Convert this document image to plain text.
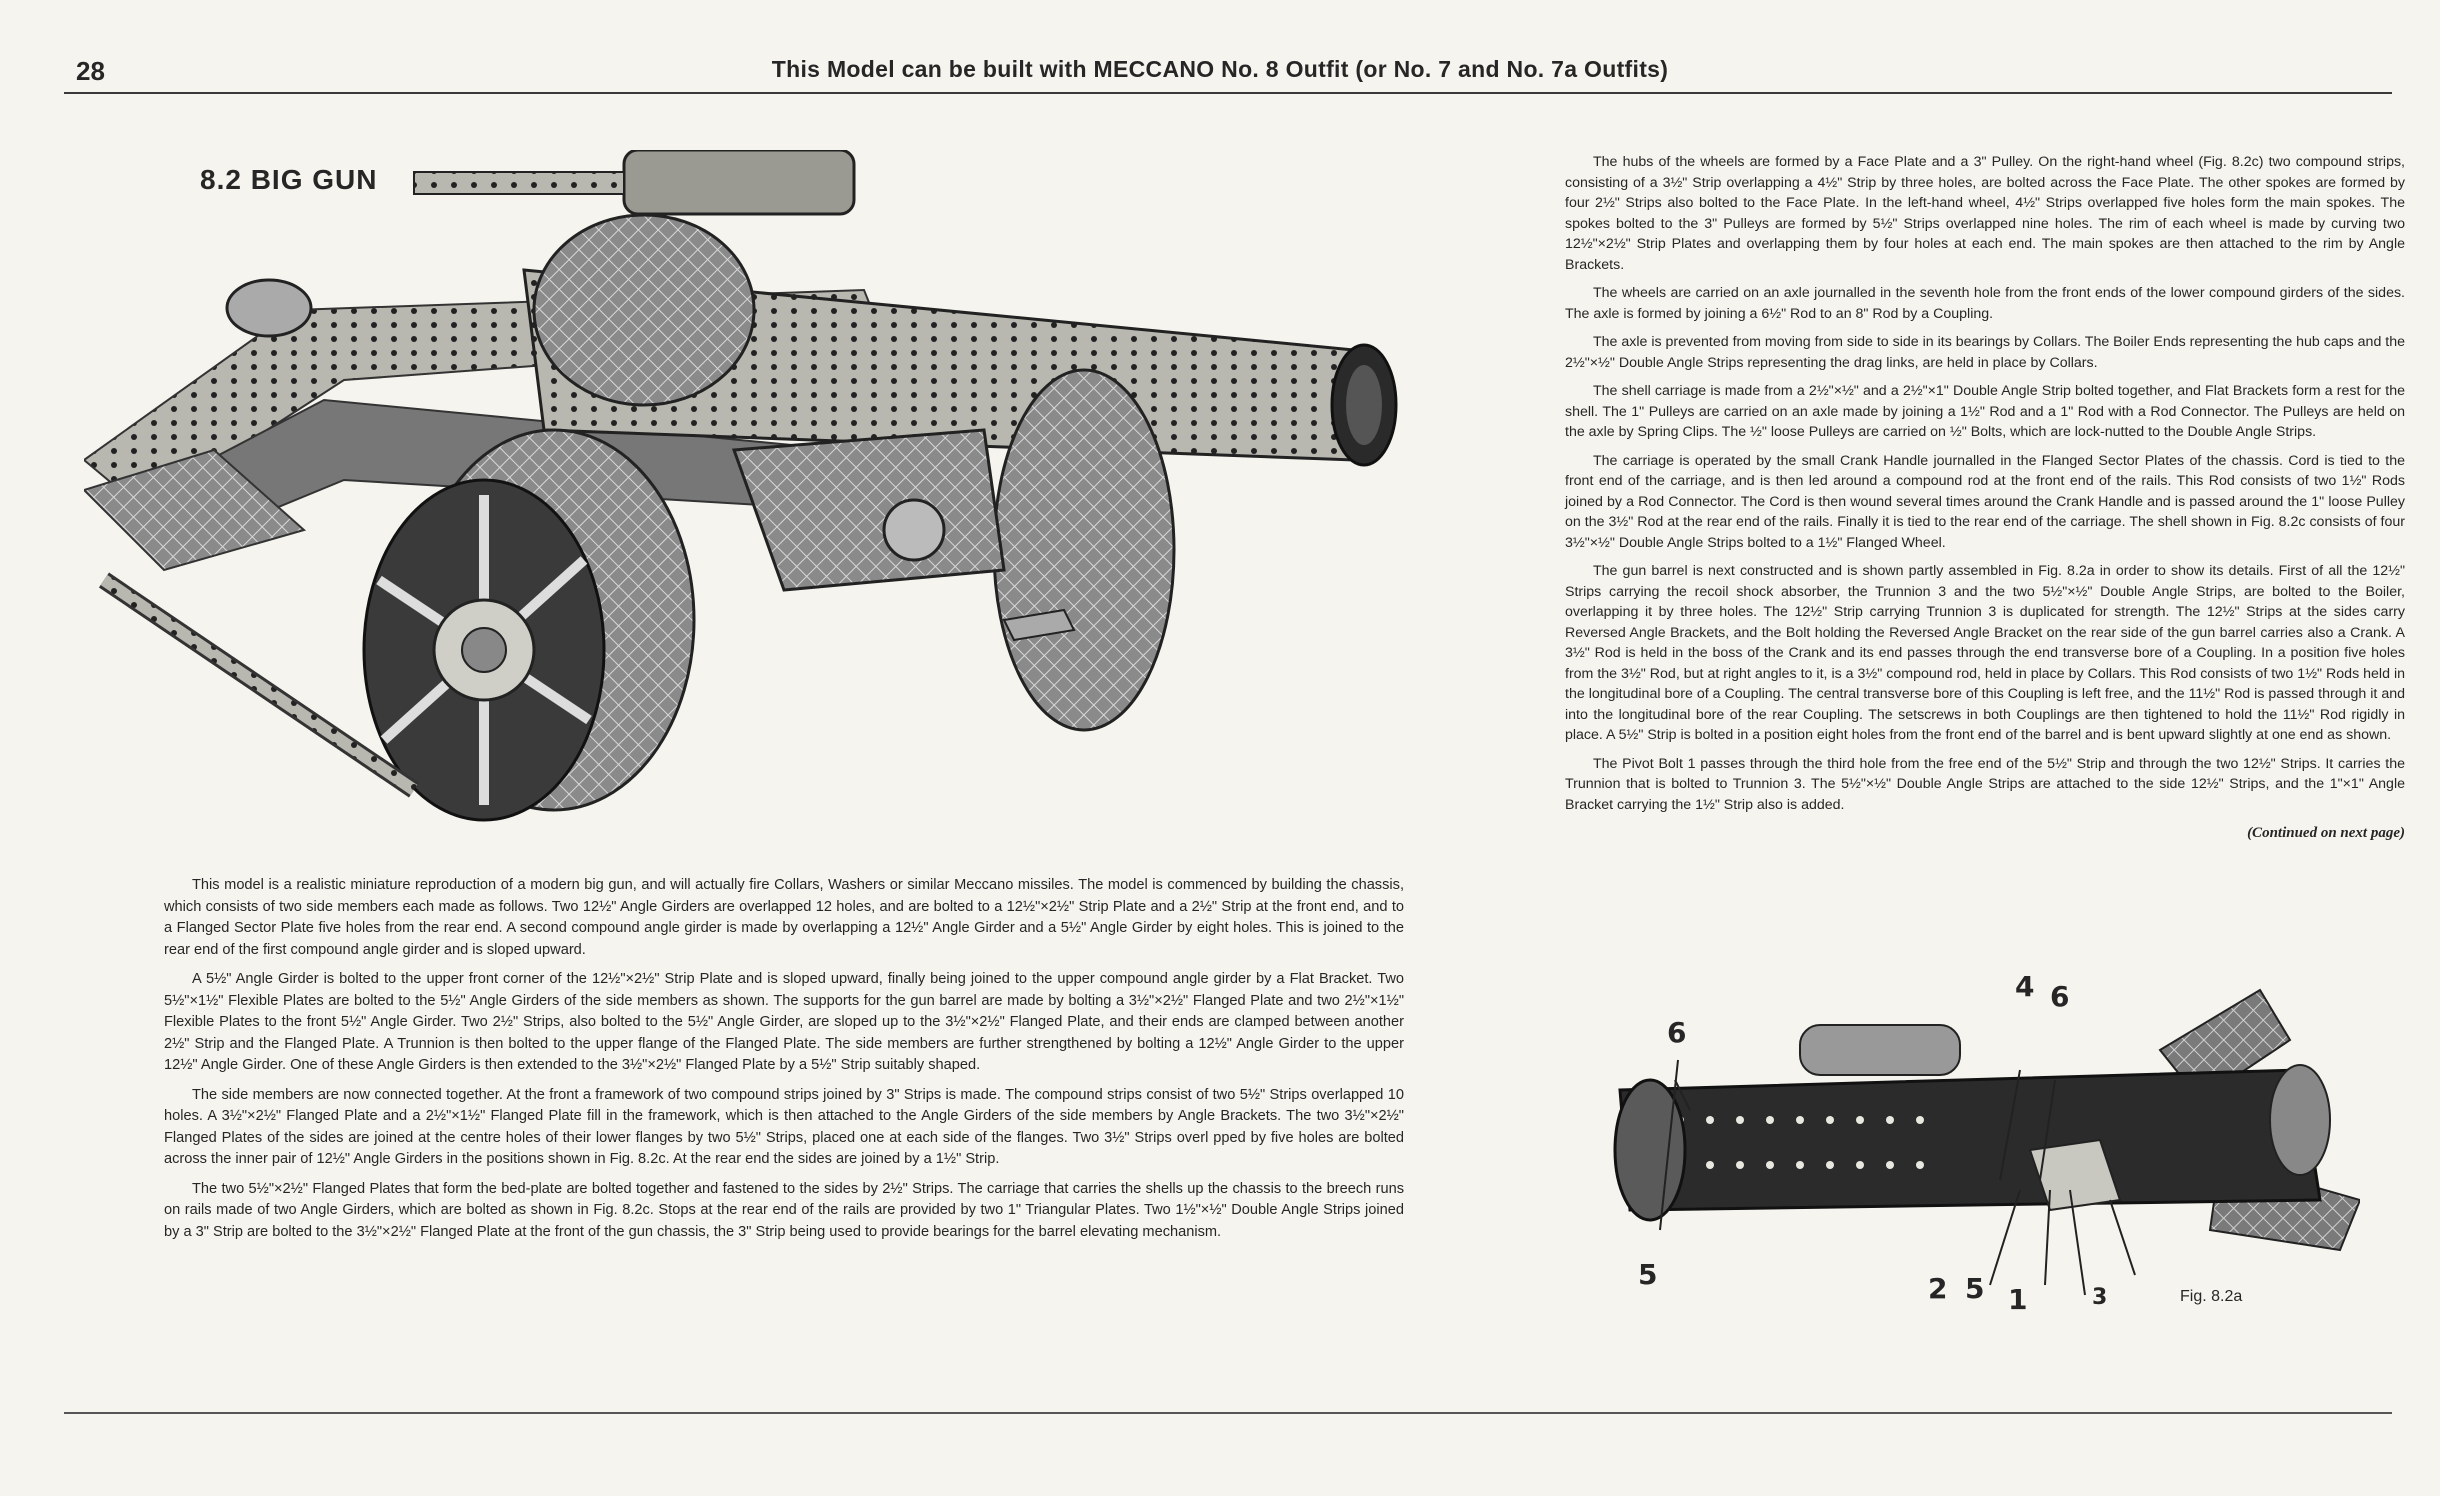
28	This Model can be built with MECCANO No. 8 Outfit (or No. 7 and No. 7a Outfits)
8.2 BIG GUN

This model is a realistic miniature reproduction of a modern big gun, and will actually fire Collars, Washers or similar Meccano missiles. The model is commenced by building the chassis, which consists of two side members each made as follows. Two 12½" Angle Girders are overlapped 12 holes, and are bolted to a 12½"×2½" Strip Plate and a 2½" Strip at the front end, and to a Flanged Sector Plate five holes from the rear end. A second compound angle girder is made by overlapping a 12½" Angle Girder and a 5½" Angle Girder by eight holes. This is joined to the rear end of the first compound angle girder and is sloped upward.

A 5½" Angle Girder is bolted to the upper front corner of the 12½"×2½" Strip Plate and is sloped upward, finally being joined to the upper compound angle girder by a Flat Bracket. Two 5½"×1½" Flexible Plates are bolted to the 5½" Angle Girders of the side members as shown. The supports for the gun barrel are made by bolting a 3½"×2½" Flanged Plate and two 2½"×1½" Flexible Plates to the front 5½" Angle Girder. Two 2½" Strips, also bolted to the 5½" Angle Girder, are sloped up to the 3½"×2½" Flanged Plate, and their ends are clamped between another 2½" Strip and the Flanged Plate. A Trunnion is then bolted to the upper flange of the Flanged Plate. The side members are further strengthened by bolting a 12½" Angle Girder to the upper 12½" Angle Girder. One of these Angle Girders is then extended to the 3½"×2½" Flanged Plate by a 5½" Strip suitably shaped.

The side members are now connected together. At the front a framework of two compound strips joined by 3" Strips is made. The compound strips consist of two 5½" Strips overlapped 10 holes. A 3½"×2½" Flanged Plate and a 2½"×1½" Flanged Plate fill in the framework, which is then attached to the Angle Girders of the side members by Angle Brackets. The two 3½"×2½" Flanged Plates of the sides are joined at the centre holes of their lower flanges by two 5½" Strips, placed one at each side of the flanges. Two 3½" Strips overl pped by five holes are bolted across the inner pair of 12½" Angle Girders in the positions shown in Fig. 8.2c. At the rear end the sides are joined by a 1½" Strip.

The two 5½"×2½" Flanged Plates that form the bed-plate are bolted together and fastened to the sides by 2½" Strips. The carriage that carries the shells up the chassis to the breech runs on rails made of two Angle Girders, which are bolted as shown in Fig. 8.2c. Stops at the rear end of the rails are provided by two 1" Triangular Plates. Two 1½"×½" Double Angle Strips joined by a 3" Strip are bolted to the 3½"×2½" Flanged Plate at the front of the gun chassis, the 3" Strip being used to provide bearings for the barrel elevating mechanism.

The hubs of the wheels are formed by a Face Plate and a 3" Pulley. On the right-hand wheel (Fig. 8.2c) two compound strips, consisting of a 3½" Strip overlapping a 4½" Strip by three holes, are bolted across the Face Plate. The other spokes are formed by four 2½" Strips also bolted to the Face Plate. In the left-hand wheel, 4½" Strips overlapped five holes form the main spokes. The spokes bolted to the 3" Pulleys are formed by 5½" Strips overlapped nine holes. The rim of each wheel is made by curving two 12½"×2½" Strip Plates and overlapping them by four holes at each end. The main spokes are then attached to the rim by Angle Brackets.

The wheels are carried on an axle journalled in the seventh hole from the front ends of the lower compound girders of the sides. The axle is formed by joining a 6½" Rod to an 8" Rod by a Coupling.

The axle is prevented from moving from side to side in its bearings by Collars. The Boiler Ends representing the hub caps and the 2½"×½" Double Angle Strips representing the drag links, are held in place by Collars.

The shell carriage is made from a 2½"×½" and a 2½"×1" Double Angle Strip bolted together, and Flat Brackets form a rest for the shell. The 1" Pulleys are carried on an axle made by joining a 1½" Rod and a 1" Rod with a Rod Connector. The Pulleys are held on the axle by Spring Clips. The ½" loose Pulleys are carried on ½" Bolts, which are lock-nutted to the Double Angle Strips.

The carriage is operated by the small Crank Handle journalled in the Flanged Sector Plates of the chassis. Cord is tied to the front end of the carriage, and is then led around a compound rod at the front end of the rails. This Rod consists of two 1½" Rods joined by a Rod Connector. The Cord is then wound several times around the Crank Handle and is passed around the 1" loose Pulley on the 3½" Rod at the rear end of the rails. Finally it is tied to the rear end of the carriage. The shell shown in Fig. 8.2c consists of four 3½"×½" Double Angle Strips bolted to a 1½" Flanged Wheel.

The gun barrel is next constructed and is shown partly assembled in Fig. 8.2a in order to show its details. First of all the 12½" Strips carrying the recoil shock absorber, the Trunnion 3 and the two 5½"×½" Double Angle Strips, are bolted to the Boiler, overlapping it by three holes. The 12½" Strip carrying Trunnion 3 is duplicated for strength. The 12½" Strips at the sides carry Reversed Angle Brackets, and the Bolt holding the Reversed Angle Bracket on the rear side of the gun barrel carries also a Crank. A 3½" Rod is held in the boss of the Crank and its end passes through the end transverse bore of a Coupling. In a position five holes from the 3½" Rod, but at right angles to it, is a 3½" compound rod, held in place by Collars. This Rod consists of two 1½" Rods held in the longitudinal bore of a Coupling. The central transverse bore of this Coupling is left free, and the 11½" Rod is passed through it and into the longitudinal bore of the rear Coupling. The setscrews in both Couplings are then tightened to hold the 11½" Rod rigidly in place. A 5½" Strip is bolted in a position eight holes from the front end of the barrel and is bent upward slightly at one end as shown.

The Pivot Bolt 1 passes through the third hole from the free end of the 5½" Strip and through the two 12½" Strips. It carries the Trunnion that is bolted to Trunnion 3. The 5½"×½" Double Angle Strips are attached to the side 12½" Strips, and the 1"×1" Angle Bracket carrying the 1½" Strip also is added.

(Continued on next page)
6
4 6
5	2 5 1	3	Fig. 8.2a
